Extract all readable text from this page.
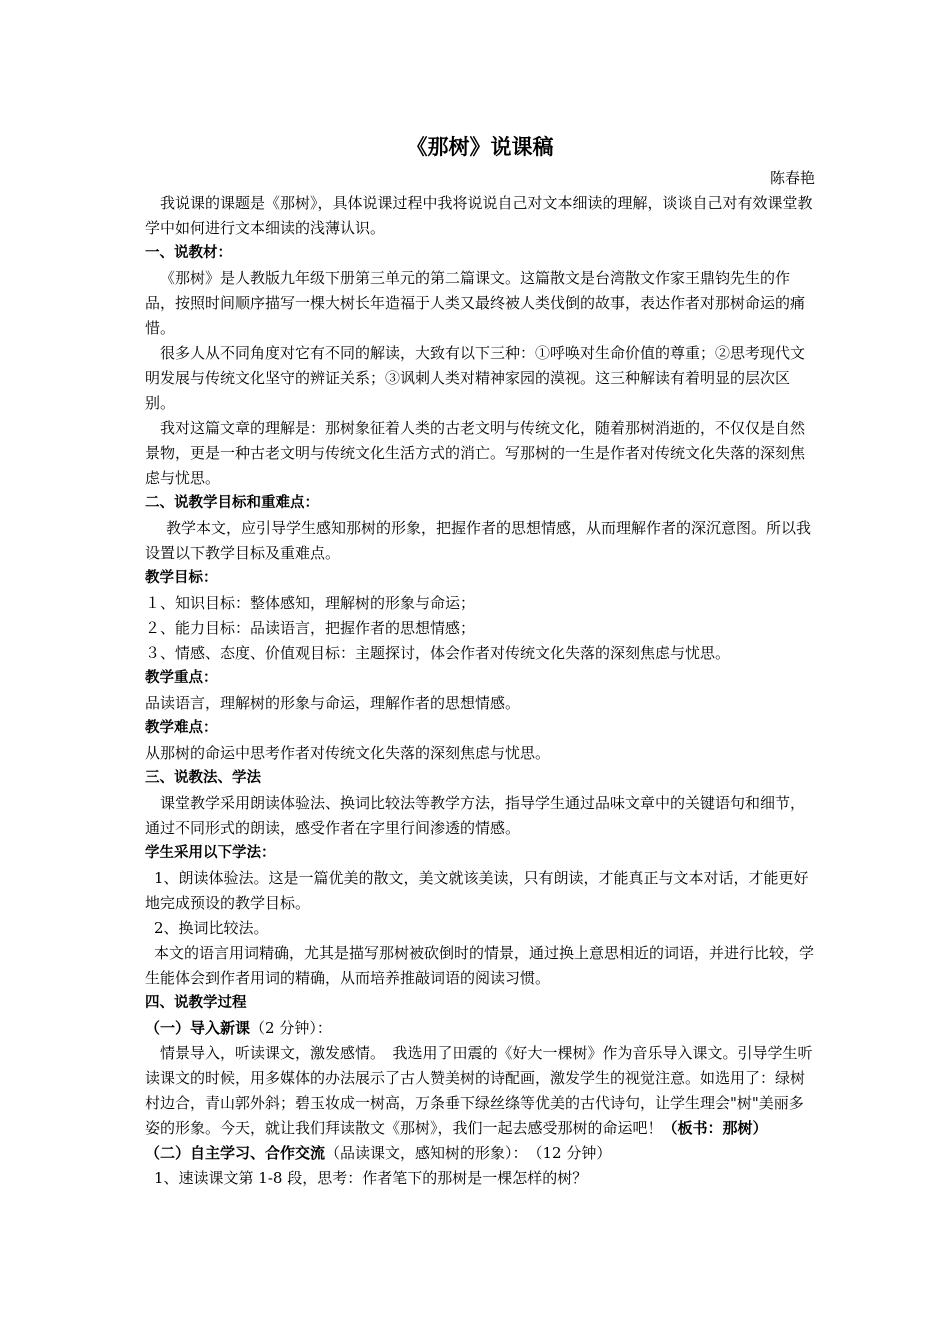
《那树》说课稿

陈春艳

我说课的课题是《那树》，具体说课过程中我将说说自己对文本细读的理解，谈谈自己对有效课堂教学中如何进行文本细读的浅薄认识。

一、说教材：

《那树》是人教版九年级下册第三单元的第二篇课文。这篇散文是台湾散文作家王鼎钧先生的作品，按照时间顺序描写一棵大树长年造福于人类又最终被人类伐倒的故事，表达作者对那树命运的痛惜。

很多人从不同角度对它有不同的解读，大致有以下三种：①呼唤对生命价值的尊重；②思考现代文明发展与传统文化坚守的辨证关系；③讽刺人类对精神家园的漠视。这三种解读有着明显的层次区别。

我对这篇文章的理解是：那树象征着人类的古老文明与传统文化，随着那树消逝的，不仅仅是自然景物，更是一种古老文明与传统文化生活方式的消亡。写那树的一生是作者对传统文化失落的深刻焦虑与忧思。

二、说教学目标和重难点：

教学本文，应引导学生感知那树的形象，把握作者的思想情感，从而理解作者的深沉意图。所以我设置以下教学目标及重难点。

教学目标：

１、知识目标：整体感知，理解树的形象与命运；

２、能力目标：品读语言，把握作者的思想情感；

３、情感、态度、价值观目标：主题探讨，体会作者对传统文化失落的深刻焦虑与忧思。

教学重点：

品读语言，理解树的形象与命运，理解作者的思想情感。

教学难点：

从那树的命运中思考作者对传统文化失落的深刻焦虑与忧思。

三、说教法、学法

课堂教学采用朗读体验法、换词比较法等教学方法，指导学生通过品味文章中的关键语句和细节，通过不同形式的朗读，感受作者在字里行间渗透的情感。

学生采用以下学法：

1、朗读体验法。这是一篇优美的散文，美文就该美读，只有朗读，才能真正与文本对话，才能更好地完成预设的教学目标。

2、换词比较法。

本文的语言用词精确，尤其是描写那树被砍倒时的情景，通过换上意思相近的词语，并进行比较，学生能体会到作者用词的精确，从而培养推敲词语的阅读习惯。

四、说教学过程

（一）导入新课（2 分钟）：

情景导入，听读课文，激发感情。　我选用了田震的《好大一棵树》作为音乐导入课文。引导学生听读课文的时候，用多媒体的办法展示了古人赞美树的诗配画，激发学生的视觉注意。如选用了：绿树村边合，青山郭外斜；碧玉妆成一树高，万条垂下绿丝绦等优美的古代诗句，让学生理会"树"美丽多姿的形象。今天，就让我们拜读散文《那树》，我们一起去感受那树的命运吧！（板书：那树）

（二）自主学习、合作交流（品读课文，感知树的形象）：　（12 分钟）

1、速读课文第 1-8 段，思考：作者笔下的那树是一棵怎样的树？
